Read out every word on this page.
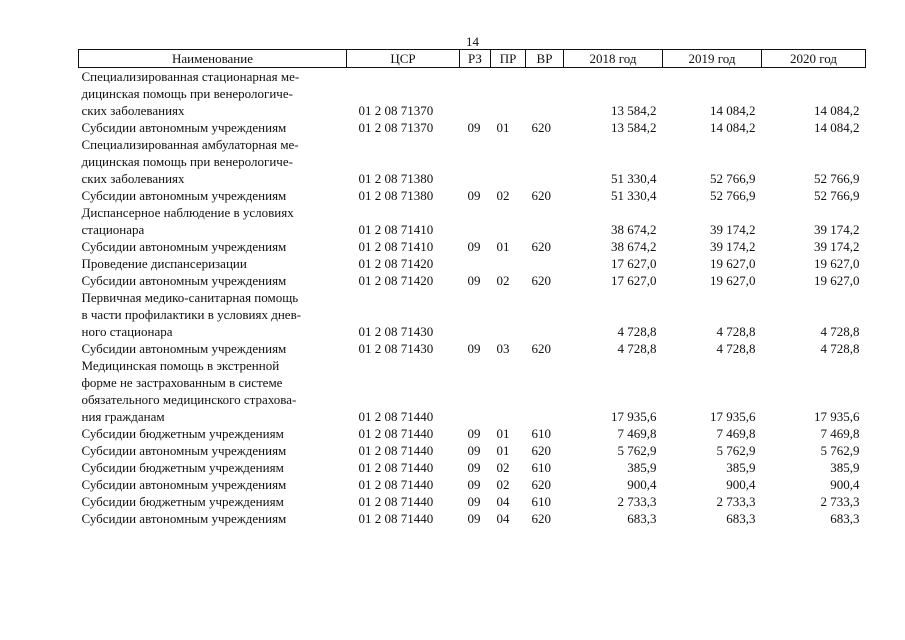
14
Наименование	ЦСР	РЗ	ПР	ВР	2018 год	2019 год	2020 год

Специализированная стационарная ме-
дицинская помощь при венерологиче-
ских заболеваниях	01 2 08 71370				13 584,2	14 084,2	14 084,2

Субсидии автономным учреждениям	01 2 08 71370	09	01	620	13 584,2	14 084,2	14 084,2

Специализированная амбулаторная ме-
дицинская помощь при венерологиче-
ских заболеваниях	01 2 08 71380				51 330,4	52 766,9	52 766,9

Субсидии автономным учреждениям	01 2 08 71380	09	02	620	51 330,4	52 766,9	52 766,9

Диспансерное наблюдение в условиях
стационара	01 2 08 71410				38 674,2	39 174,2	39 174,2

Субсидии автономным учреждениям	01 2 08 71410	09	01	620	38 674,2	39 174,2	39 174,2

Проведение диспансеризации	01 2 08 71420				17 627,0	19 627,0	19 627,0

Субсидии автономным учреждениям	01 2 08 71420	09	02	620	17 627,0	19 627,0	19 627,0

Первичная медико-санитарная помощь
в части профилактики в условиях днев-
ного стационара	01 2 08 71430				4 728,8	4 728,8	4 728,8

Субсидии автономным учреждениям	01 2 08 71430	09	03	620	4 728,8	4 728,8	4 728,8

Медицинская помощь в экстренной
форме не застрахованным в системе
обязательного медицинского страхова-
ния гражданам	01 2 08 71440				17 935,6	17 935,6	17 935,6

Субсидии бюджетным учреждениям	01 2 08 71440	09	01	610	7 469,8	7 469,8	7 469,8

Субсидии автономным учреждениям	01 2 08 71440	09	01	620	5 762,9	5 762,9	5 762,9

Субсидии бюджетным учреждениям	01 2 08 71440	09	02	610	385,9	385,9	385,9

Субсидии автономным учреждениям	01 2 08 71440	09	02	620	900,4	900,4	900,4

Субсидии бюджетным учреждениям	01 2 08 71440	09	04	610	2 733,3	2 733,3	2 733,3

Субсидии автономным учреждениям	01 2 08 71440	09	04	620	683,3	683,3	683,3
